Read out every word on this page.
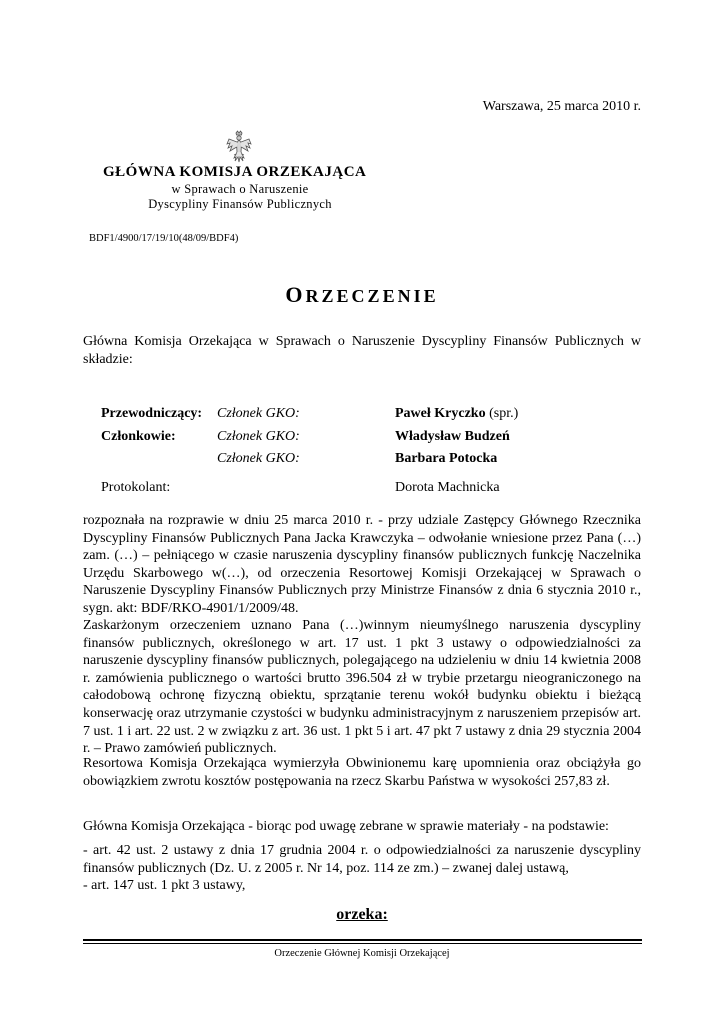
Warszawa, 25 marca 2010 r.
GŁÓWNA KOMISJA ORZEKAJĄCA
w Sprawach o Naruszenie
Dyscypliny Finansów Publicznych
BDF1/4900/17/19/10(48/09/BDF4)
ORZECZENIE
Główna Komisja Orzekająca w Sprawach o Naruszenie Dyscypliny Finansów Publicznych w składzie:
Przewodniczący: Członek GKO:	Paweł Kryczko (spr.)
Członkowie:	Członek GKO:	Władysław Budzeń
Członek GKO:	Barbara Potocka
Protokolant:	Dorota Machnicka
rozpoznała na rozprawie w dniu 25 marca 2010 r. - przy udziale Zastępcy Głównego Rzecznika Dyscypliny Finansów Publicznych Pana Jacka Krawczyka – odwołanie wniesione przez Pana (…) zam. (…) – pełniącego w czasie naruszenia dyscypliny finansów publicznych funkcję Naczelnika Urzędu Skarbowego w(…), od orzeczenia Resortowej Komisji Orzekającej w Sprawach o Naruszenie Dyscypliny Finansów Publicznych przy Ministrze Finansów z dnia 6 stycznia 2010 r., sygn. akt: BDF/RKO-4901/1/2009/48.
Zaskarżonym orzeczeniem uznano Pana (…)winnym nieumyślnego naruszenia dyscypliny finansów publicznych, określonego w art. 17 ust. 1 pkt 3 ustawy o odpowiedzialności za naruszenie dyscypliny finansów publicznych, polegającego na udzieleniu w dniu 14 kwietnia 2008 r. zamówienia publicznego o wartości brutto 396.504 zł w trybie przetargu nieograniczonego na całodobową ochronę fizyczną obiektu, sprzątanie terenu wokół budynku obiektu i bieżącą konserwację oraz utrzymanie czystości w budynku administracyjnym z naruszeniem przepisów art. 7 ust. 1 i art. 22 ust. 2 w związku z art. 36 ust. 1 pkt 5 i art. 47 pkt 7 ustawy z dnia 29 stycznia 2004 r. – Prawo zamówień publicznych.
Resortowa Komisja Orzekająca wymierzyła Obwinionemu karę upomnienia oraz obciążyła go obowiązkiem zwrotu kosztów postępowania na rzecz Skarbu Państwa w wysokości 257,83 zł.
Główna Komisja Orzekająca - biorąc pod uwagę zebrane w sprawie materiały - na podstawie:
- art. 42 ust. 2 ustawy z dnia 17 grudnia 2004 r. o odpowiedzialności za naruszenie dyscypliny finansów publicznych (Dz. U. z 2005 r. Nr 14, poz. 114 ze zm.) – zwanej dalej ustawą,
- art. 147 ust. 1 pkt 3 ustawy,
orzeka:
Orzeczenie Głównej Komisji Orzekającej
